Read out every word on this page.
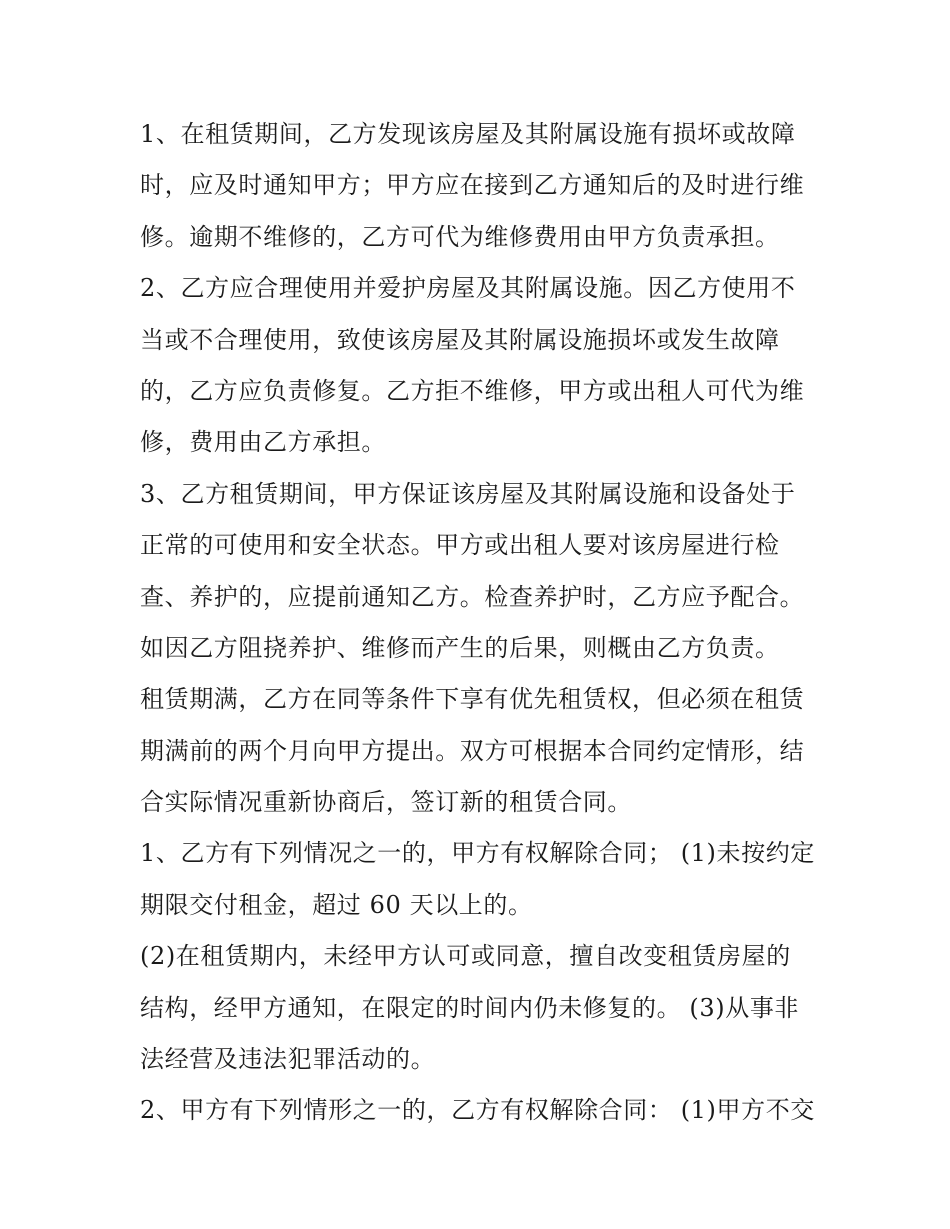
1、在租赁期间，乙方发现该房屋及其附属设施有损坏或故障
时，应及时通知甲方；甲方应在接到乙方通知后的及时进行维
修。逾期不维修的，乙方可代为维修费用由甲方负责承担。
2、乙方应合理使用并爱护房屋及其附属设施。因乙方使用不
当或不合理使用，致使该房屋及其附属设施损坏或发生故障
的，乙方应负责修复。乙方拒不维修，甲方或出租人可代为维
修，费用由乙方承担。
3、乙方租赁期间，甲方保证该房屋及其附属设施和设备处于
正常的可使用和安全状态。甲方或出租人要对该房屋进行检
查、养护的，应提前通知乙方。检查养护时，乙方应予配合。
如因乙方阻挠养护、维修而产生的后果，则概由乙方负责。
租赁期满，乙方在同等条件下享有优先租赁权，但必须在租赁
期满前的两个月向甲方提出。双方可根据本合同约定情形，结
合实际情况重新协商后，签订新的租赁合同。
1、乙方有下列情况之一的，甲方有权解除合同； (1)未按约定
期限交付租金，超过 60 天以上的。
(2)在租赁期内，未经甲方认可或同意，擅自改变租赁房屋的
结构，经甲方通知，在限定的时间内仍未修复的。 (3)从事非
法经营及违法犯罪活动的。
2、甲方有下列情形之一的，乙方有权解除合同： (1)甲方不交
